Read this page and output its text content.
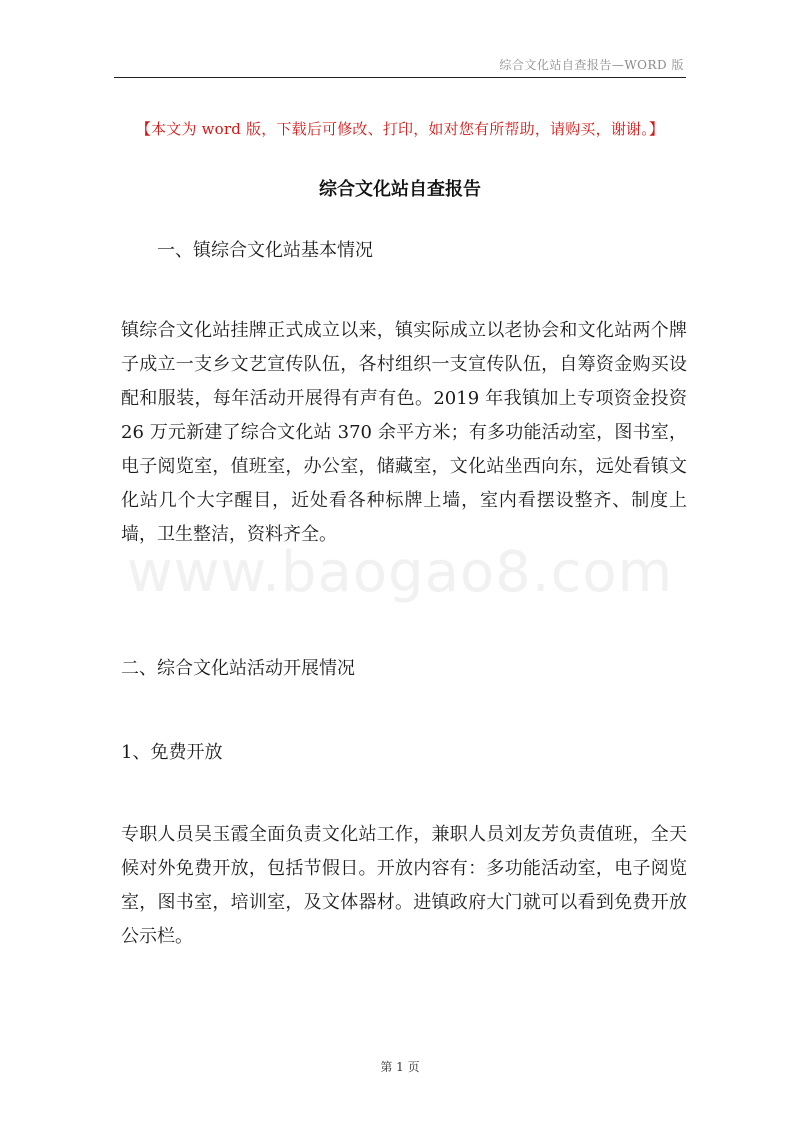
综合文化站自查报告—WORD 版
www.baogao8.com
【本文为 word 版，下载后可修改、打印，如对您有所帮助，请购买，谢谢。】
综合文化站自查报告
一、镇综合文化站基本情况
镇综合文化站挂牌正式成立以来，镇实际成立以老协会和文化站两个牌子成立一支乡文艺宣传队伍，各村组织一支宣传队伍，自筹资金购买设配和服装，每年活动开展得有声有色。2019 年我镇加上专项资金投资 26 万元新建了综合文化站 370 余平方米；有多功能活动室，图书室，电子阅览室，值班室，办公室，储藏室，文化站坐西向东，远处看镇文化站几个大字醒目，近处看各种标牌上墙，室内看摆设整齐、制度上墙，卫生整洁，资料齐全。
二、综合文化站活动开展情况
1、免费开放
专职人员吴玉霞全面负责文化站工作，兼职人员刘友芳负责值班，全天候对外免费开放，包括节假日。开放内容有：多功能活动室，电子阅览室，图书室，培训室，及文体器材。进镇政府大门就可以看到免费开放公示栏。
第 1 页
